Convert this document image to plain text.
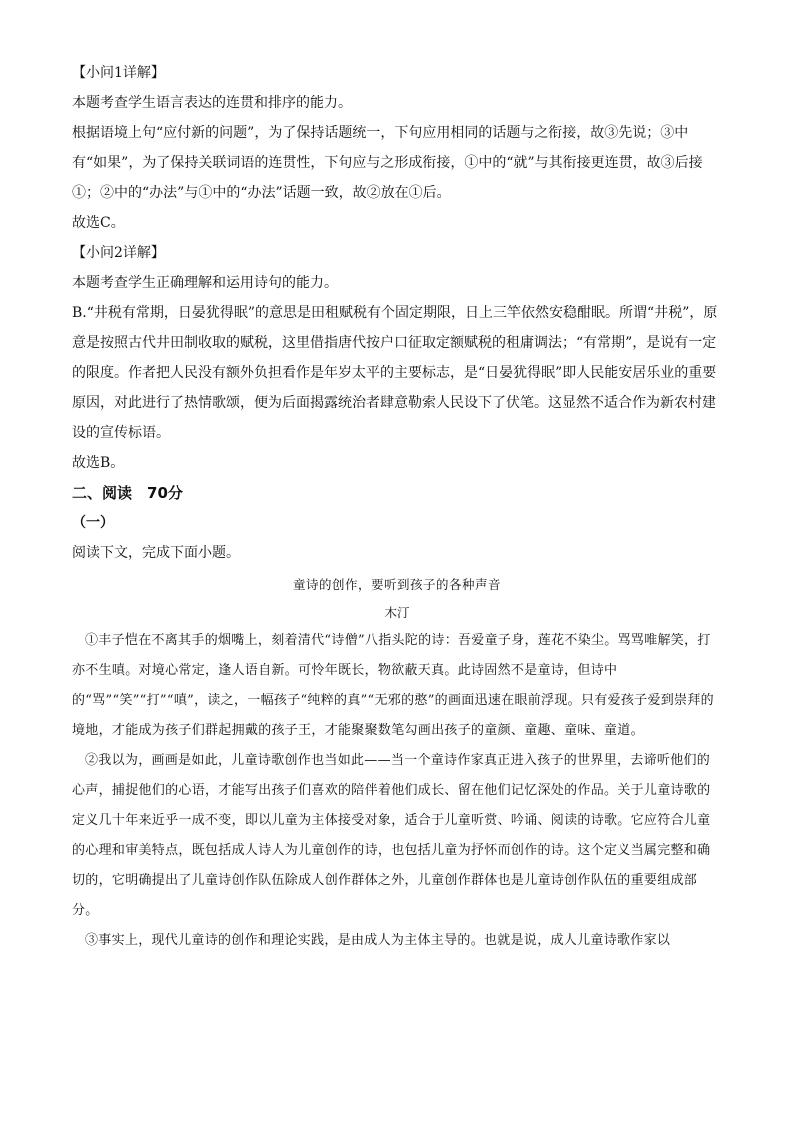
【小问1详解】

本题考查学生语言表达的连贯和排序的能力。

根据语境上句“应付新的问题”，为了保持话题统一，下句应用相同的话题与之衔接，故③先说；③中有“如果”，为了保持关联词语的连贯性，下句应与之形成衔接，①中的“就”与其衔接更连贯，故③后接①；②中的“办法”与①中的“办法”话题一致，故②放在①后。

故选C。

【小问2详解】

本题考查学生正确理解和运用诗句的能力。

B.“井税有常期，日晏犹得眠”的意思是田租赋税有个固定期限，日上三竿依然安稳酣眠。所谓“井税”，原意是按照古代井田制收取的赋税，这里借指唐代按户口征取定额赋税的租庸调法；“有常期”，是说有一定的限度。作者把人民没有额外负担看作是年岁太平的主要标志，是“日晏犹得眠”即人民能安居乐业的重要原因，对此进行了热情歌颂，便为后面揭露统治者肆意勒索人民设下了伏笔。这显然不适合作为新农村建设的宣传标语。

故选B。

二、阅读　70分

（一）

阅读下文，完成下面小题。

童诗的创作，要听到孩子的各种声音

木汀

①丰子恺在不离其手的烟嘴上，刻着清代“诗僧”八指头陀的诗：吾爱童子身，莲花不染尘。骂骂唯解笑，打亦不生嗔。对境心常定，逢人语自新。可怜年既长，物欲蔽天真。此诗固然不是童诗，但诗中的“骂”“笑”“打”“嗔”，读之，一幅孩子“纯粹的真”“无邪的憨”的画面迅速在眼前浮现。只有爱孩子爱到崇拜的境地，才能成为孩子们群起拥戴的孩子王，才能聚聚数笔勾画出孩子的童颜、童趣、童味、童道。

②我以为，画画是如此，儿童诗歌创作也当如此——当一个童诗作家真正进入孩子的世界里，去谛听他们的心声，捕捉他们的心语，才能写出孩子们喜欢的陪伴着他们成长、留在他们记忆深处的作品。关于儿童诗歌的定义几十年来近乎一成不变，即以儿童为主体接受对象，适合于儿童听赏、吟诵、阅读的诗歌。它应符合儿童的心理和审美特点，既包括成人诗人为儿童创作的诗，也包括儿童为抒怀而创作的诗。这个定义当属完整和确切的，它明确提出了儿童诗创作队伍除成人创作群体之外，儿童创作群体也是儿童诗创作队伍的重要组成部分。

③事实上，现代儿童诗的创作和理论实践，是由成人为主体主导的。也就是说，成人儿童诗歌作家以
